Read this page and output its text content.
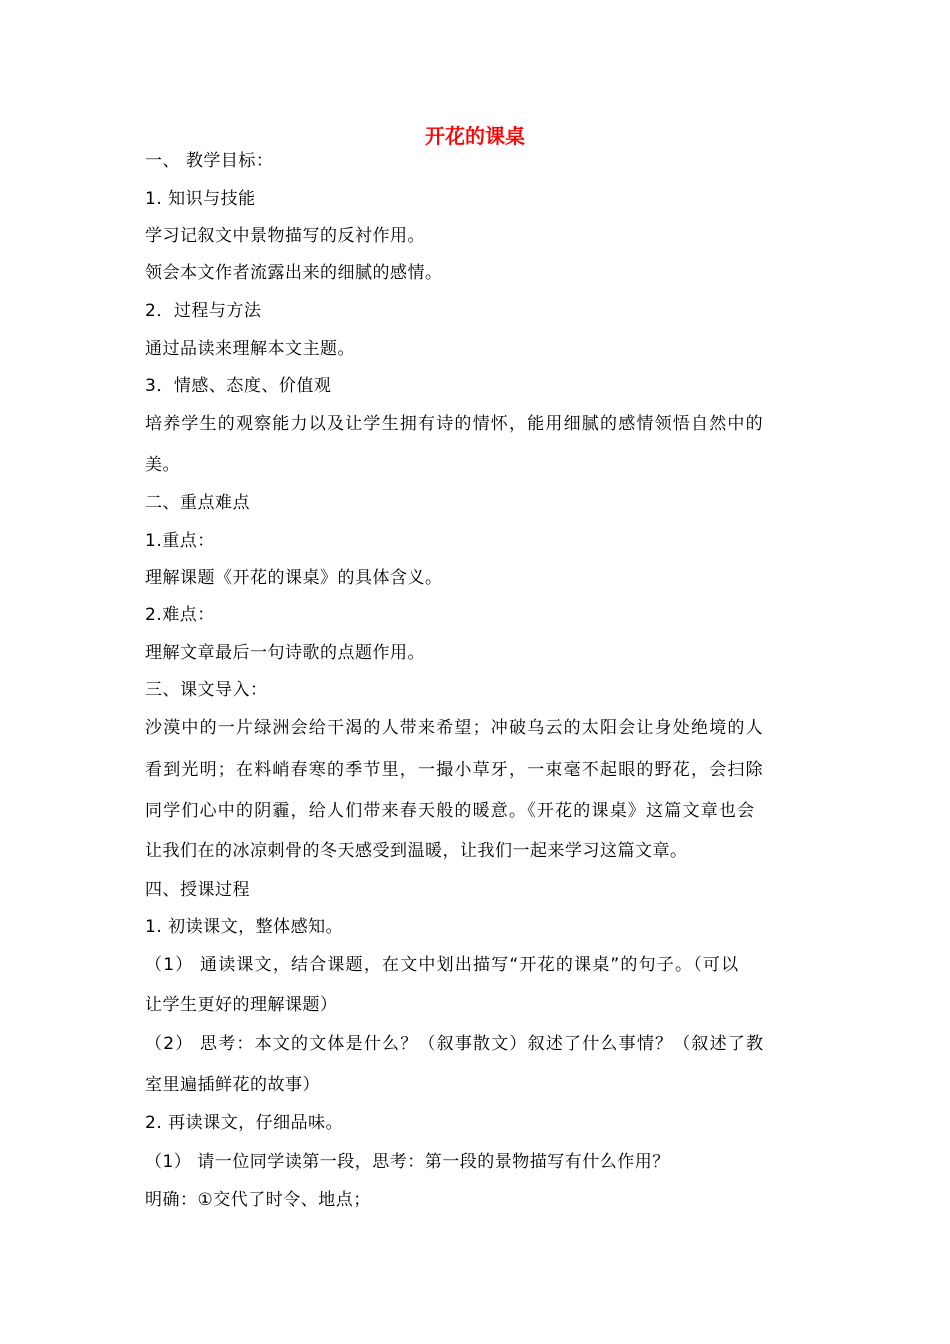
开花的课桌
一、 教学目标：
1. 知识与技能
学习记叙文中景物描写的反衬作用。
领会本文作者流露出来的细腻的感情。
2．过程与方法
通过品读来理解本文主题。
3．情感、态度、价值观
培养学生的观察能力以及让学生拥有诗的情怀，能用细腻的感情领悟自然中的
美。
二、重点难点
1.重点：
理解课题《开花的课桌》的具体含义。
2.难点：
理解文章最后一句诗歌的点题作用。
三、课文导入：
沙漠中的一片绿洲会给干渴的人带来希望；冲破乌云的太阳会让身处绝境的人
看到光明；在料峭春寒的季节里，一撮小草牙，一束毫不起眼的野花，会扫除
同学们心中的阴霾，给人们带来春天般的暖意。《开花的课桌》这篇文章也会
让我们在的冰凉刺骨的冬天感受到温暖，让我们一起来学习这篇文章。
四、授课过程
1. 初读课文，整体感知。
（1） 通读课文，结合课题，在文中划出描写“开花的课桌”的句子。（可以
让学生更好的理解课题）
（2） 思考：本文的文体是什么？（叙事散文）叙述了什么事情？（叙述了教
室里遍插鲜花的故事）
2. 再读课文，仔细品味。
（1） 请一位同学读第一段，思考：第一段的景物描写有什么作用？
明确：①交代了时令、地点；
